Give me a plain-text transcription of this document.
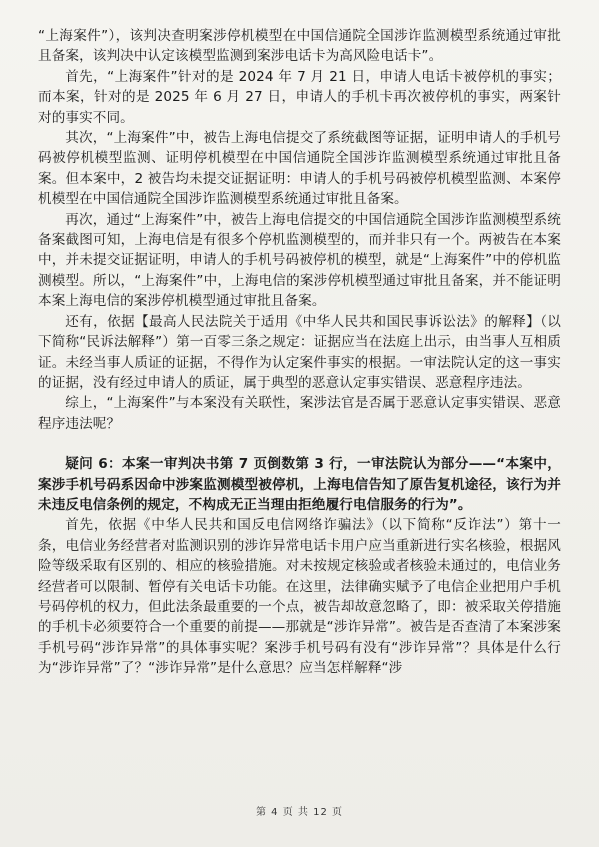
“上海案件”），该判决查明案涉停机模型在中国信通院全国涉诈监测模型系统通过审批且备案，该判决中认定该模型监测到案涉电话卡为高风险电话卡”。

首先，“上海案件”针对的是 2024 年 7 月 21 日，申请人电话卡被停机的事实；而本案，针对的是 2025 年 6 月 27 日，申请人的手机卡再次被停机的事实，两案针对的事实不同。

其次，“上海案件”中，被告上海电信提交了系统截图等证据，证明申请人的手机号码被停机模型监测、证明停机模型在中国信通院全国涉诈监测模型系统通过审批且备案。但本案中，2 被告均未提交证据证明：申请人的手机号码被停机模型监测、本案停机模型在中国信通院全国涉诈监测模型系统通过审批且备案。

再次，通过“上海案件”中，被告上海电信提交的中国信通院全国涉诈监测模型系统备案截图可知，上海电信是有很多个停机监测模型的，而并非只有一个。两被告在本案中，并未提交证据证明，申请人的手机号码被停机的模型，就是“上海案件”中的停机监测模型。所以，“上海案件”中，上海电信的案涉停机模型通过审批且备案，并不能证明本案上海电信的案涉停机模型通过审批且备案。

还有，依据【最高人民法院关于适用《中华人民共和国民事诉讼法》的解释】（以下简称“民诉法解释”）第一百零三条之规定：证据应当在法庭上出示，由当事人互相质证。未经当事人质证的证据，不得作为认定案件事实的根据。一审法院认定的这一事实的证据，没有经过申请人的质证，属于典型的恶意认定事实错误、恶意程序违法。

综上，“上海案件”与本案没有关联性，案涉法官是否属于恶意认定事实错误、恶意程序违法呢？

疑问 6：本案一审判决书第 7 页倒数第 3 行，一审法院认为部分——“本案中，案涉手机号码系因命中涉案监测模型被停机，上海电信告知了原告复机途径，该行为并未违反电信条例的规定，不构成无正当理由拒绝履行电信服务的行为”。

首先，依据《中华人民共和国反电信网络诈骗法》（以下简称“反诈法”）第十一条，电信业务经营者对监测识别的涉诈异常电话卡用户应当重新进行实名核验，根据风险等级采取有区别的、相应的核验措施。对未按规定核验或者核验未通过的，电信业务经营者可以限制、暂停有关电话卡功能。在这里，法律确实赋予了电信企业把用户手机号码停机的权力，但此法条最重要的一个点，被告却故意忽略了，即：被采取关停措施的手机卡必须要符合一个重要的前提——那就是“涉诈异常”。被告是否查清了本案涉案手机号码“涉诈异常”的具体事实呢？案涉手机号码有没有“涉诈异常”？具体是什么行为“涉诈异常”了？“涉诈异常”是什么意思？应当怎样解释“涉

第 4 页 共 12 页
